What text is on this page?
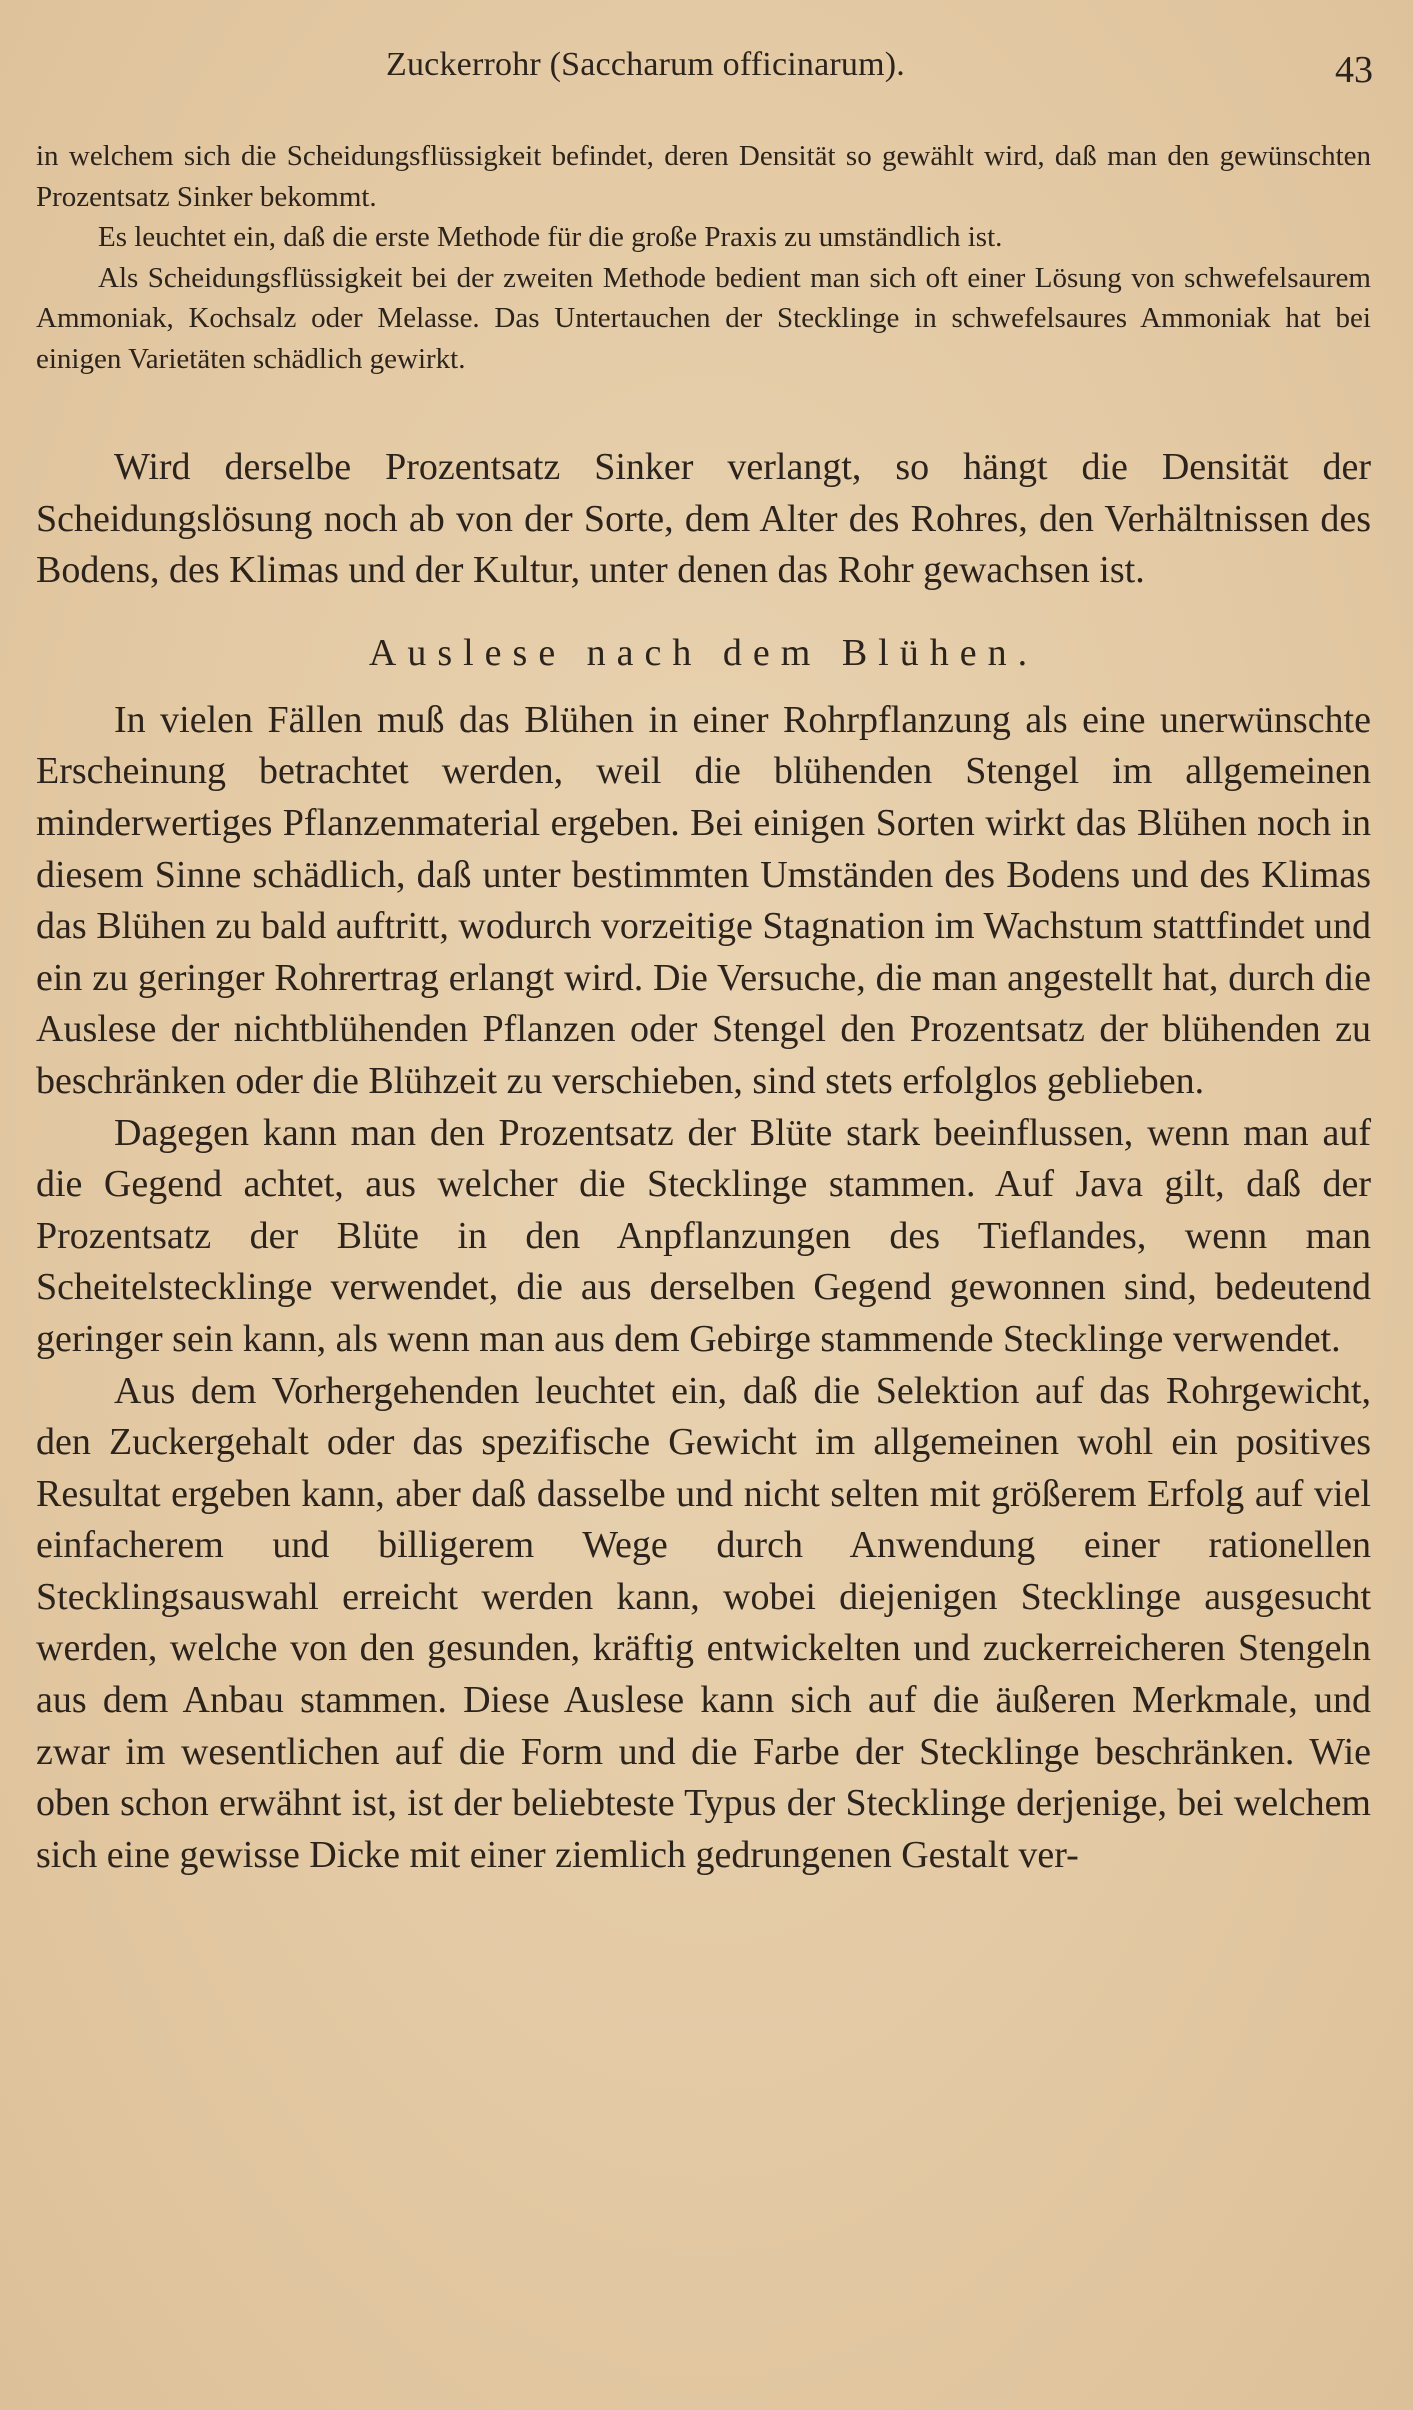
Zuckerrohr (Saccharum officinarum).	43

in welchem sich die Scheidungsflüssigkeit befindet, deren Densität so gewählt wird, daß man den gewünschten Prozentsatz Sinker bekommt.

Es leuchtet ein, daß die erste Methode für die große Praxis zu umständlich ist.

Als Scheidungsflüssigkeit bei der zweiten Methode bedient man sich oft einer Lösung von schwefelsaurem Ammoniak, Kochsalz oder Melasse. Das Untertauchen der Stecklinge in schwefelsaures Ammoniak hat bei einigen Varietäten schädlich gewirkt.

Wird derselbe Prozentsatz Sinker verlangt, so hängt die Densität der Scheidungslösung noch ab von der Sorte, dem Alter des Rohres, den Verhältnissen des Bodens, des Klimas und der Kultur, unter denen das Rohr gewachsen ist.

Auslese nach dem Blühen.

In vielen Fällen muß das Blühen in einer Rohrpflanzung als eine unerwünschte Erscheinung betrachtet werden, weil die blühenden Stengel im allgemeinen minderwertiges Pflanzenmaterial ergeben. Bei einigen Sorten wirkt das Blühen noch in diesem Sinne schädlich, daß unter bestimmten Umständen des Bodens und des Klimas das Blühen zu bald auftritt, wodurch vorzeitige Stagnation im Wachstum stattfindet und ein zu geringer Rohrertrag erlangt wird. Die Versuche, die man angestellt hat, durch die Auslese der nichtblühenden Pflanzen oder Stengel den Prozentsatz der blühenden zu beschränken oder die Blühzeit zu verschieben, sind stets erfolglos geblieben.

Dagegen kann man den Prozentsatz der Blüte stark beeinflussen, wenn man auf die Gegend achtet, aus welcher die Stecklinge stammen. Auf Java gilt, daß der Prozentsatz der Blüte in den Anpflanzungen des Tieflandes, wenn man Scheitelstecklinge verwendet, die aus derselben Gegend gewonnen sind, bedeutend geringer sein kann, als wenn man aus dem Gebirge stammende Stecklinge verwendet.

Aus dem Vorhergehenden leuchtet ein, daß die Selektion auf das Rohrgewicht, den Zuckergehalt oder das spezifische Gewicht im allgemeinen wohl ein positives Resultat ergeben kann, aber daß dasselbe und nicht selten mit größerem Erfolg auf viel einfacherem und billigerem Wege durch Anwendung einer rationellen Stecklingsauswahl erreicht werden kann, wobei diejenigen Stecklinge ausgesucht werden, welche von den gesunden, kräftig entwickelten und zuckerreicheren Stengeln aus dem Anbau stammen. Diese Auslese kann sich auf die äußeren Merkmale, und zwar im wesentlichen auf die Form und die Farbe der Stecklinge beschränken. Wie oben schon erwähnt ist, ist der beliebteste Typus der Stecklinge derjenige, bei welchem sich eine gewisse Dicke mit einer ziemlich gedrungenen Gestalt ver-
